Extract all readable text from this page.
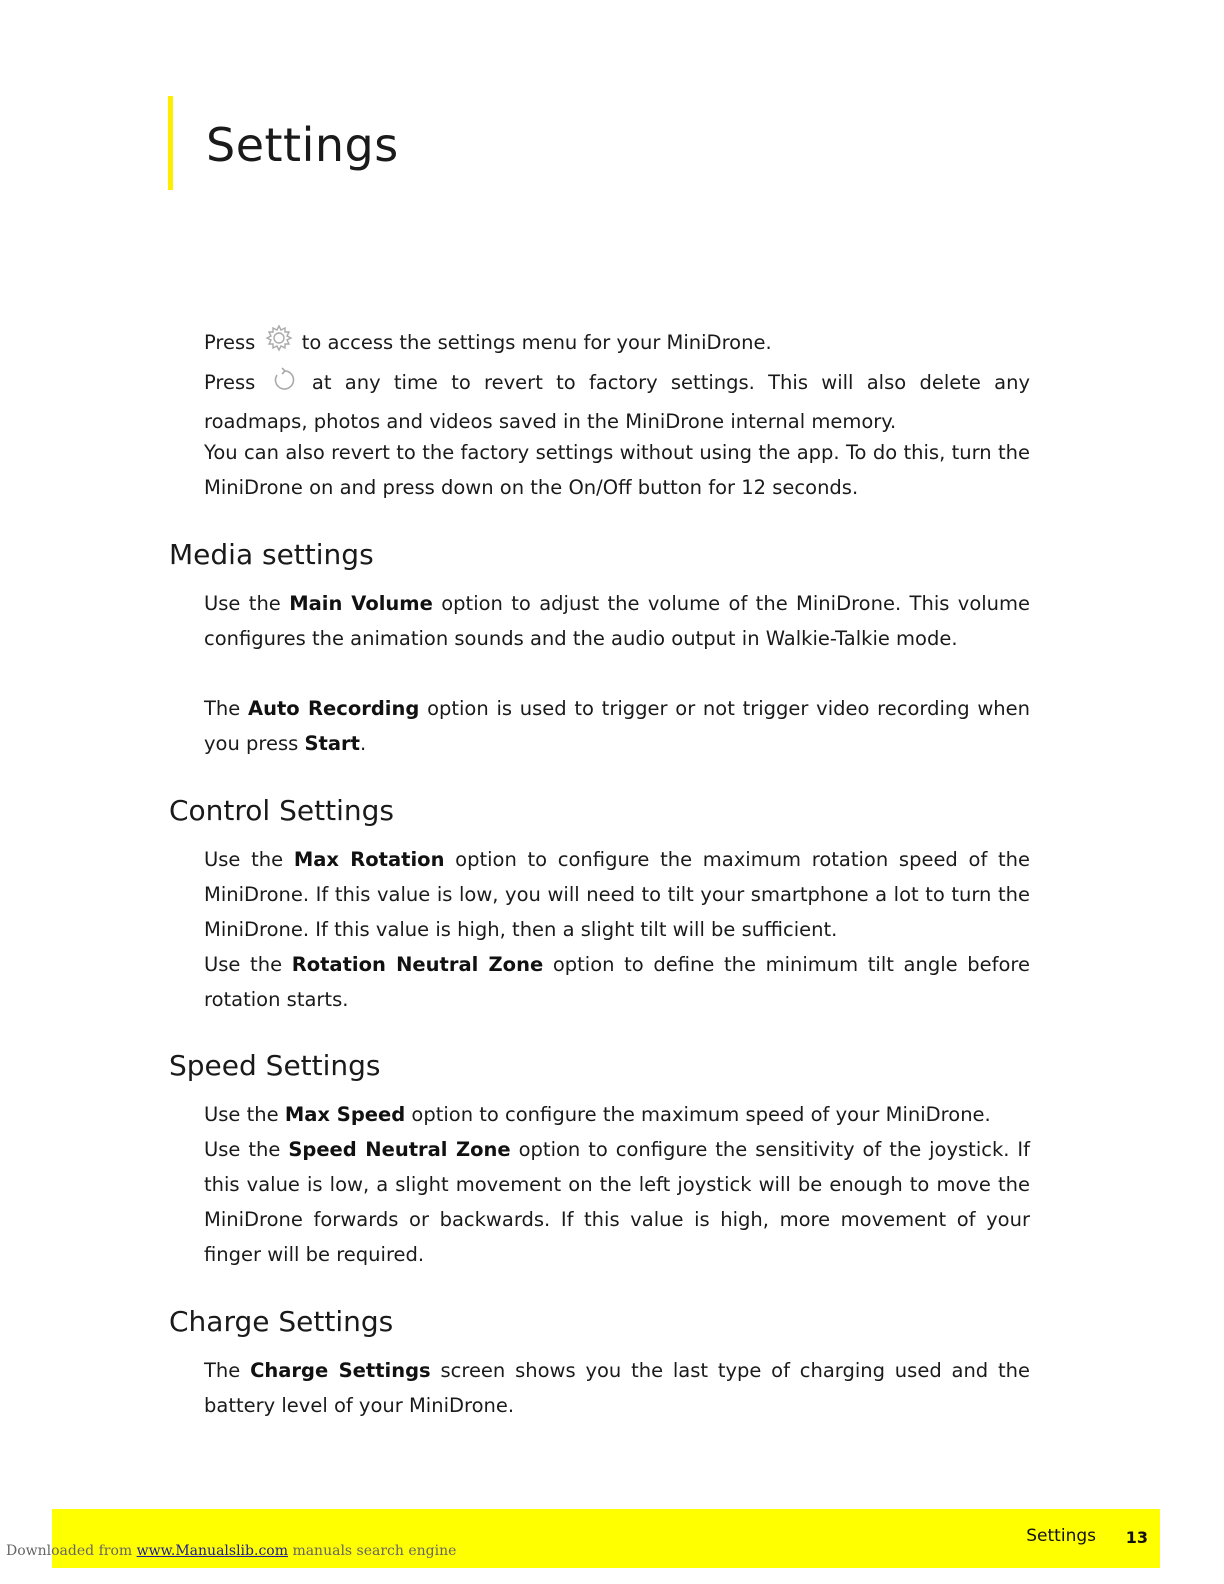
Settings

Press to access the settings menu for your MiniDrone.

Press	at any time to revert to factory settings. This will also delete any roadmaps, photos and videos saved in the MiniDrone internal memory.

You can also revert to the factory settings without using the app. To do this, turn the MiniDrone on and press down on the On/Off button for 12 seconds.

Media settings

Use the Main Volume option to adjust the volume of the MiniDrone. This volume configures the animation sounds and the audio output in Walkie-Talkie mode.

The Auto Recording option is used to trigger or not trigger video recording when you press Start.

Control Settings

Use the Max Rotation option to configure the maximum rotation speed of the MiniDrone. If this value is low, you will need to tilt your smartphone a lot to turn the MiniDrone. If this value is high, then a slight tilt will be sufficient.

Use the Rotation Neutral Zone option to define the minimum tilt angle before rotation starts.

Speed Settings

Use the Max Speed option to configure the maximum speed of your MiniDrone.

Use the Speed Neutral Zone option to configure the sensitivity of the joystick. If this value is low, a slight movement on the left joystick will be enough to move the MiniDrone forwards or backwards. If this value is high, more movement of your finger will be required.

Charge Settings

The Charge Settings screen shows you the last type of charging used and the battery level of your MiniDrone.

Settings 13
Downloaded from www.Manualslib.com manuals search engine
